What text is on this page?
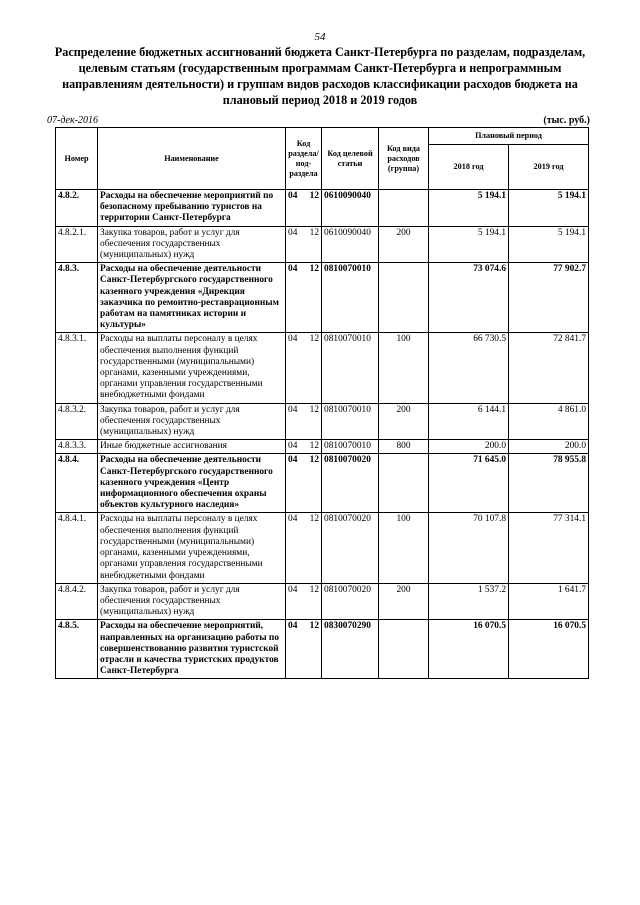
54
Распределение бюджетных ассигнований бюджета Санкт-Петербурга по разделам, подразделам, целевым статьям (государственным программам Санкт-Петербурга и непрограммным направлениям деятельности) и группам видов расходов классификации расходов бюджета на плановый период 2018 и 2019 годов
07-дек-2016	(тыс. руб.)
Номер	Наименование	Код раздела/ под-раздела		Код целевой статьи	Код вида расходов (группа)	Плановый период	
						2018 год	2019 год
4.8.2.	Расходы на обеспечение мероприятий по безопасному пребыванию туристов на территории Санкт-Петербурга	04	12	0610090040		5 194.1	5 194.1
4.8.2.1.	Закупка товаров, работ и услуг для обеспечения государственных (муниципальных) нужд	04	12	0610090040	200	5 194.1	5 194.1
4.8.3.	Расходы на обеспечение деятельности Санкт-Петербургского государственного казенного учреждения «Дирекция заказчика по ремонтно-реставрационным работам на памятниках истории и культуры»	04	12	0810070010		73 074.6	77 902.7
4.8.3.1.	Расходы на выплаты персоналу в целях обеспечения выполнения функций государственными (муниципальными) органами, казенными учреждениями, органами управления государственными внебюджетными фондами	04	12	0810070010	100	66 730.5	72 841.7
4.8.3.2.	Закупка товаров, работ и услуг для обеспечения государственных (муниципальных) нужд	04	12	0810070010	200	6 144.1	4 861.0
4.8.3.3.	Иные бюджетные ассигнования	04	12	0810070010	800	200.0	200.0
4.8.4.	Расходы на обеспечение деятельности Санкт-Петербургского государственного казенного учреждения «Центр информационного обеспечения охраны объектов культурного наследия»	04	12	0810070020		71 645.0	78 955.8
4.8.4.1.	Расходы на выплаты персоналу в целях обеспечения выполнения функций государственными (муниципальными) органами, казенными учреждениями, органами управления государственными внебюджетными фондами	04	12	0810070020	100	70 107.8	77 314.1
4.8.4.2.	Закупка товаров, работ и услуг для обеспечения государственных (муниципальных) нужд	04	12	0810070020	200	1 537.2	1 641.7
4.8.5.	Расходы на обеспечение мероприятий, направленных на организацию работы по совершенствованию развития туристской отрасли и качества туристских продуктов Санкт-Петербурга	04	12	0830070290		16 070.5	16 070.5
